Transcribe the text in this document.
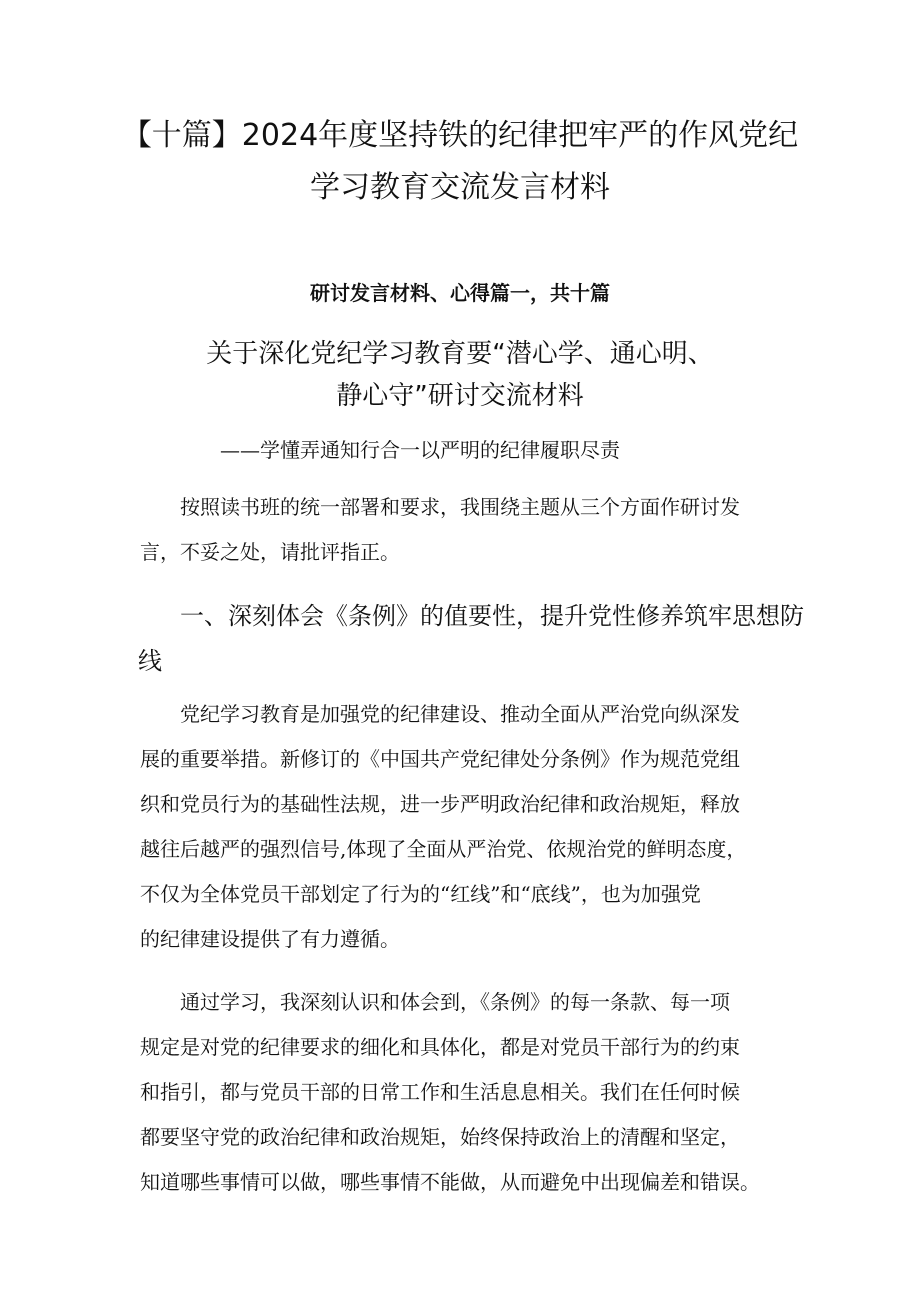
【十篇】2024年度坚持铁的纪律把牢严的作风党纪
学习教育交流发言材料
研讨发言材料、心得篇一，共十篇
关于深化党纪学习教育要“潜心学、通心明、
静心守”研讨交流材料
——学懂弄通知行合一以严明的纪律履职尽责
按照读书班的统一部署和要求，我围绕主题从三个方面作研讨发
言，不妥之处，请批评指正。
一、深刻体会《条例》的值要性，提升党性修养筑牢思想防
线
党纪学习教育是加强党的纪律建设、推动全面从严治党向纵深发
展的重要举措。新修订的《中国共产党纪律处分条例》作为规范党组
织和党员行为的基础性法规，进一步严明政治纪律和政治规矩，释放
越往后越严的强烈信号,体现了全面从严治党、依规治党的鲜明态度，
不仅为全体党员干部划定了行为的“红线”和“底线”，也为加强党
的纪律建设提供了有力遵循。
通过学习，我深刻认识和体会到，《条例》的每一条款、每一项
规定是对党的纪律要求的细化和具体化，都是对党员干部行为的约束
和指引，都与党员干部的日常工作和生活息息相关。我们在任何时候
都要坚守党的政治纪律和政治规矩，始终保持政治上的清醒和坚定，
知道哪些事情可以做，哪些事情不能做，从而避免中出现偏差和错误。
